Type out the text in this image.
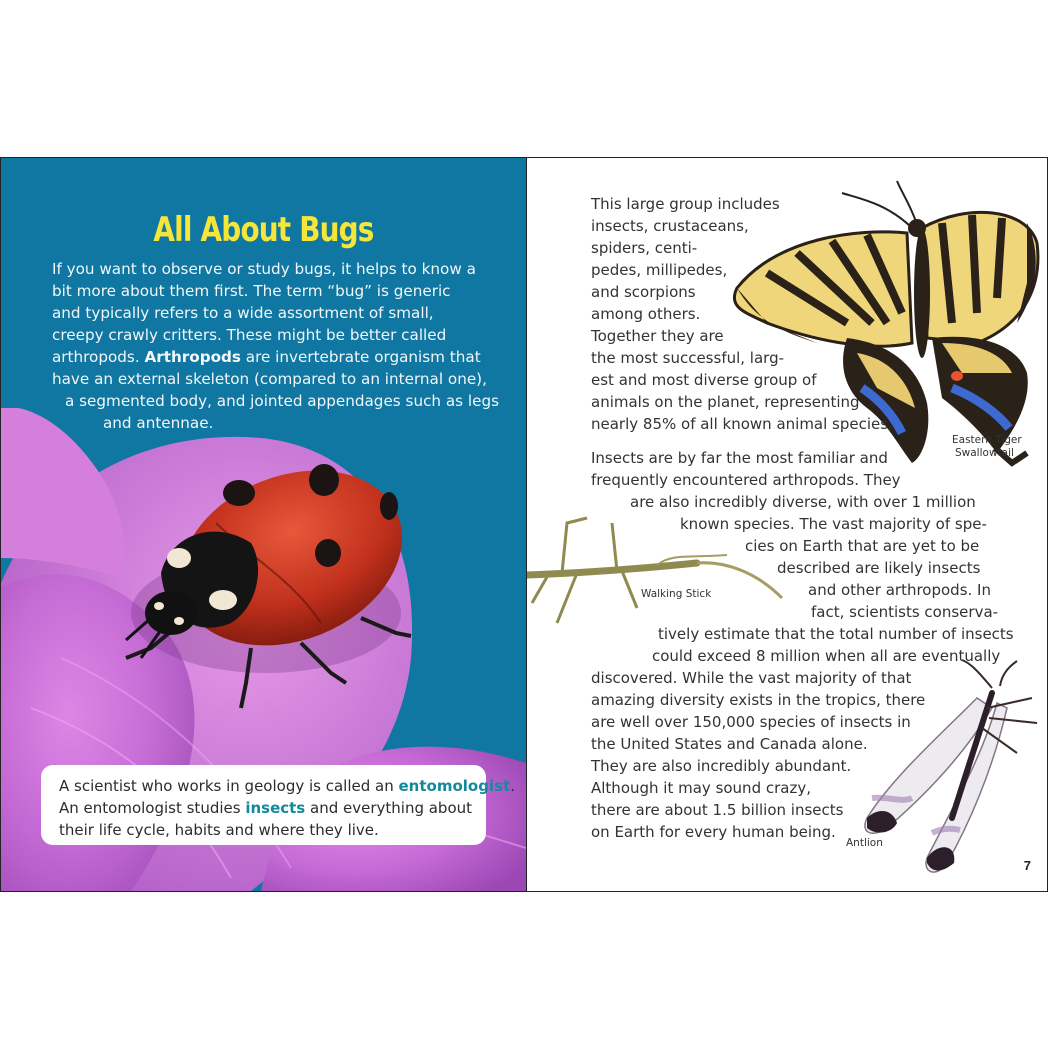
All About Bugs
If you want to observe or study bugs, it helps to know a
bit more about them first. The term “bug” is generic
and typically refers to a wide assortment of small,
creepy crawly critters. These might be better called
arthropods. Arthropods are invertebrate organism that
have an external skeleton (compared to an internal one),
a segmented body, and jointed appendages such as legs
and antennae.
A scientist who works in geology is called an entomologist.
An entomologist studies insects and everything about
their life cycle, habits and where they live.
This large group includes
insects, crustaceans,
spiders, centi-
pedes, millipedes,
and scorpions
among others.
Together they are
the most successful, larg-
est and most diverse group of
animals on the planet, representing
nearly 85% of all known animal species.
Insects are by far the most familiar and
frequently encountered arthropods. They
are also incredibly diverse, with over 1 million
known species. The vast majority of spe-
cies on Earth that are yet to be
described are likely insects
and other arthropods. In
fact, scientists conserva-
tively estimate that the total number of insects
could exceed 8 million when all are eventually
discovered. While the vast majority of that
amazing diversity exists in the tropics, there
are well over 150,000 species of insects in
the United States and Canada alone.
They are also incredibly abundant.
Although it may sound crazy,
there are about 1.5 billion insects
on Earth for every human being.
Eastern Tiger
Swallowtail
Walking Stick
Antlion
7
